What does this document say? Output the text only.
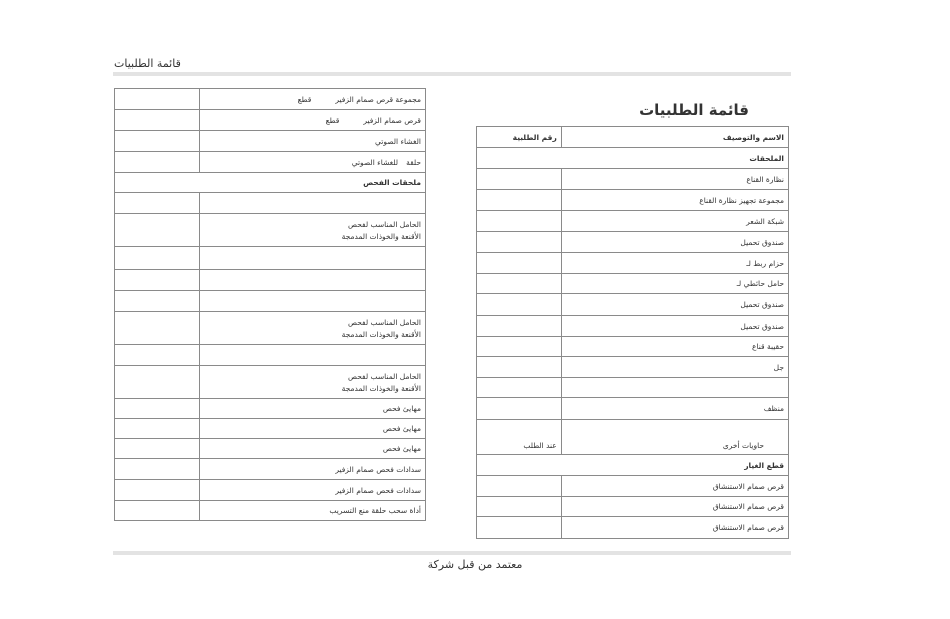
قائمة الطلبيات
مجموعة قرص صمام الزفيرقطع	
قرص صمام الزفيرقطع	
الغشاء الصوتي	
حلقةللغشاء الصوتي	
ملحقات الفحص	

الحامل المناسب لفحص
الأقنعة والخوذات المدمجة	

الحامل المناسب لفحص
الأقنعة والخوذات المدمجة	

الحامل المناسب لفحص
الأقنعة والخوذات المدمجة	

مهايئ فحص	
مهايئ فحص	
مهايئ فحص	
سدادات فحص صمام الزفير	
سدادات فحص صمام الزفير	
أداة سحب حلقة منع التسريب	
قائمة الطلبيات
الاسم والتوصيف	رقم الطلبية
الملحقات	
نظارة القناع	
مجموعة تجهيز نظارة القناع	
شبكة الشعر	
صندوق تحميل	
حزام ربط لـ	
حامل حائطي لـ	
صندوق تحميل	
صندوق تحميل	
حقيبة قناع	
جل	

منظف	
حاويات أخرى	عند الطلب
قطع الغيار	
قرص صمام الاستنشاق	
قرص صمام الاستنشاق	
قرص صمام الاستنشاق	
معتمد من قبل شركة
